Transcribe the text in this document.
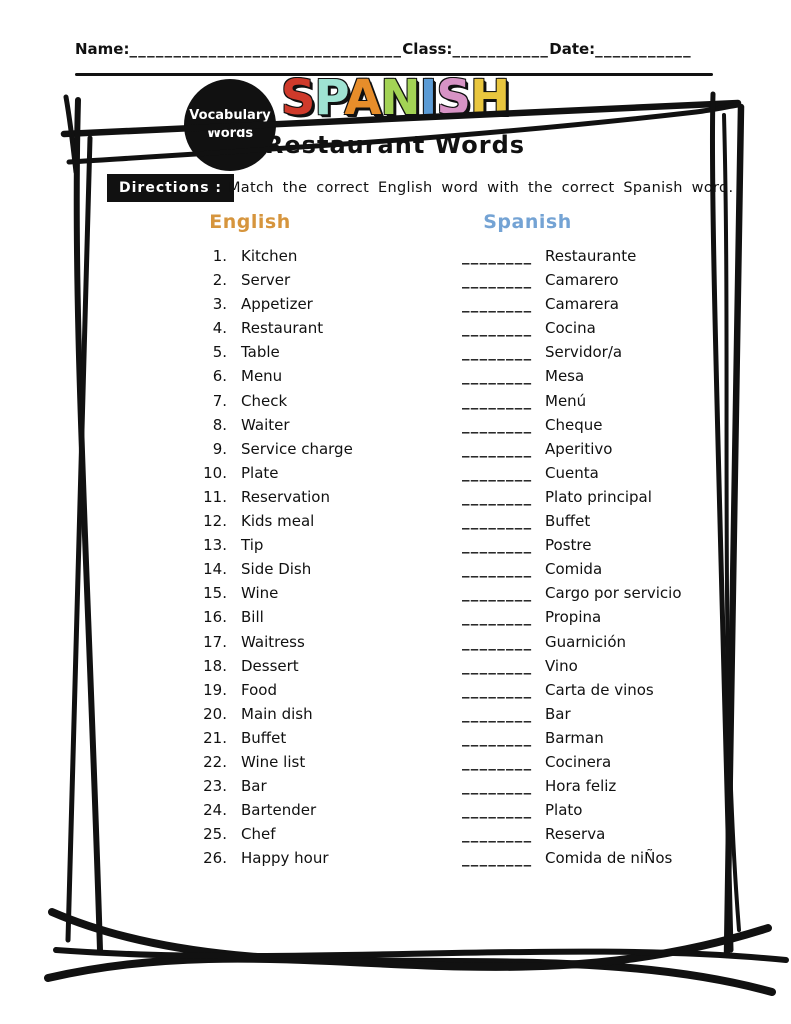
Name:_______________________________Class:___________Date:___________
Vocabulary
Words
SPANISH
Restaurant Words
Directions : Match the correct English word with the correct Spanish word.
English	Spanish
1. Kitchen	________ Restaurante
2. Server	________ Camarero
3. Appetizer	________ Camarera
4. Restaurant	________ Cocina
5. Table	________ Servidor/a
6. Menu	________ Mesa
7. Check	________ Menú
8. Waiter	________ Cheque
9. Service charge	________ Aperitivo
10. Plate	________ Cuenta
11. Reservation	________ Plato principal
12. Kids meal	________ Buffet
13. Tip	________ Postre
14. Side Dish	________ Comida
15. Wine	________ Cargo por servicio
16. Bill	________ Propina
17. Waitress	________ Guarnición
18. Dessert	________ Vino
19. Food	________ Carta de vinos
20. Main dish	________ Bar
21. Buffet	________ Barman
22. Wine list	________ Cocinera
23. Bar	________ Hora feliz
24. Bartender	________ Plato
25. Chef	________ Reserva
26. Happy hour	________ Comida de niÑos
